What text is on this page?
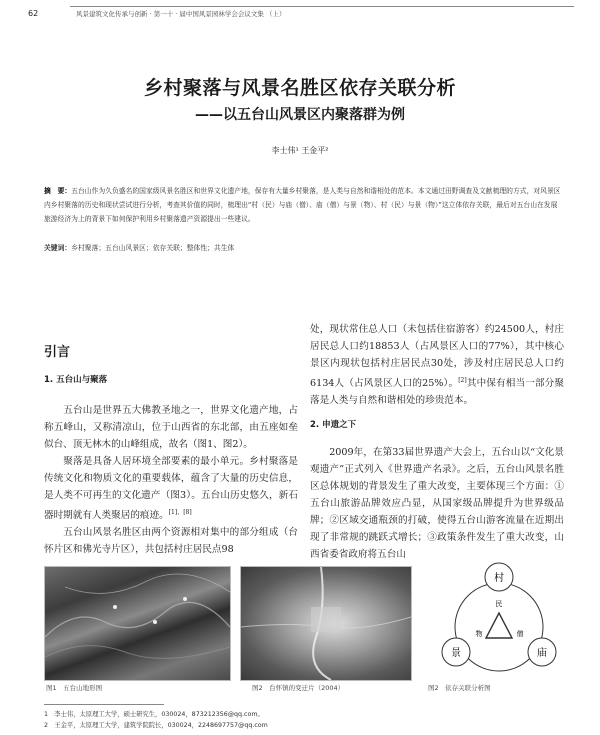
62	风景建筑文化传承与创新 · 第一十 · 届中国风景园林学会会议文集 （上）
乡村聚落与风景名胜区依存关联分析
——以五台山风景区内聚落群为例
李士伟¹ 王金平²
摘　要：五台山作为久负盛名的国家级风景名胜区和世界文化遗产地，保存有大量乡村聚落，是人类与自然和谐相处的范本。本文通过田野调查及文献梳理的方式，对风景区内乡村聚落的历史和现状尝试进行分析，考查其价值的同时，梳理出“村（民）与庙（僧）、庙（僧）与景（物）、村（民）与景（物）”这立体依存关联，最后对五台山在发展旅游经济为上的背景下如何保护利用乡村聚落遗产资源提出一些建议。
关键词：乡村聚落；五台山风景区；依存关联；整体性；共生体
引言
1. 五台山与聚落

五台山是世界五大佛教圣地之一，世界文化遗产地，占称五峰山，又称清凉山，位于山西省的东北部，由五座如垒似台、顶无林木的山峰组成，故名（图1、图2）。

聚落是具备人居环境全部要素的最小单元。乡村聚落是传统文化和物质文化的重要载体，蕴含了大量的历史信息，是人类不可再生的文化遗产（图3）。五台山历史悠久，新石器时期就有人类聚居的痕迹。[1]，[8]

五台山风景名胜区由两个资源相对集中的部分组成（台怀片区和佛光寺片区），共包括村庄居民点98

处，现状常住总人口（未包括住宿游客）约24500人，村庄居民总人口约18853人（占风景区人口的77%），其中核心景区内现状包括村庄居民点30处，涉及村庄居民总人口约6134人（占风景区人口的25%）。[2]其中保有相当一部分聚落是人类与自然和谐相处的珍贵范本。

2. 申遗之下

2009年，在第33届世界遗产大会上，五台山以“文化景观遗产”正式列入《世界遗产名录》。之后，五台山风景名胜区总体规划的背景发生了重大改变，主要体现三个方面：①五台山旅游品牌效应凸显，从国家级品牌提升为世界级品牌；②区域交通瓶颈的打破，使得五台山游客流量在近期出现了非常规的跳跃式增长；③政策条件发生了重大改变，山西省委省政府将五台山

图1　五台山地形图	图2　台怀镇的变迁片（2004）
村
景	庙
民
物	僧
图2　依存关联分析图
1　李士伟，太原理工大学，硕士研究生，030024，873212356@qq.com。
2　王金平，太原理工大学，建筑学院院长，030024，2248697757@qq.com
